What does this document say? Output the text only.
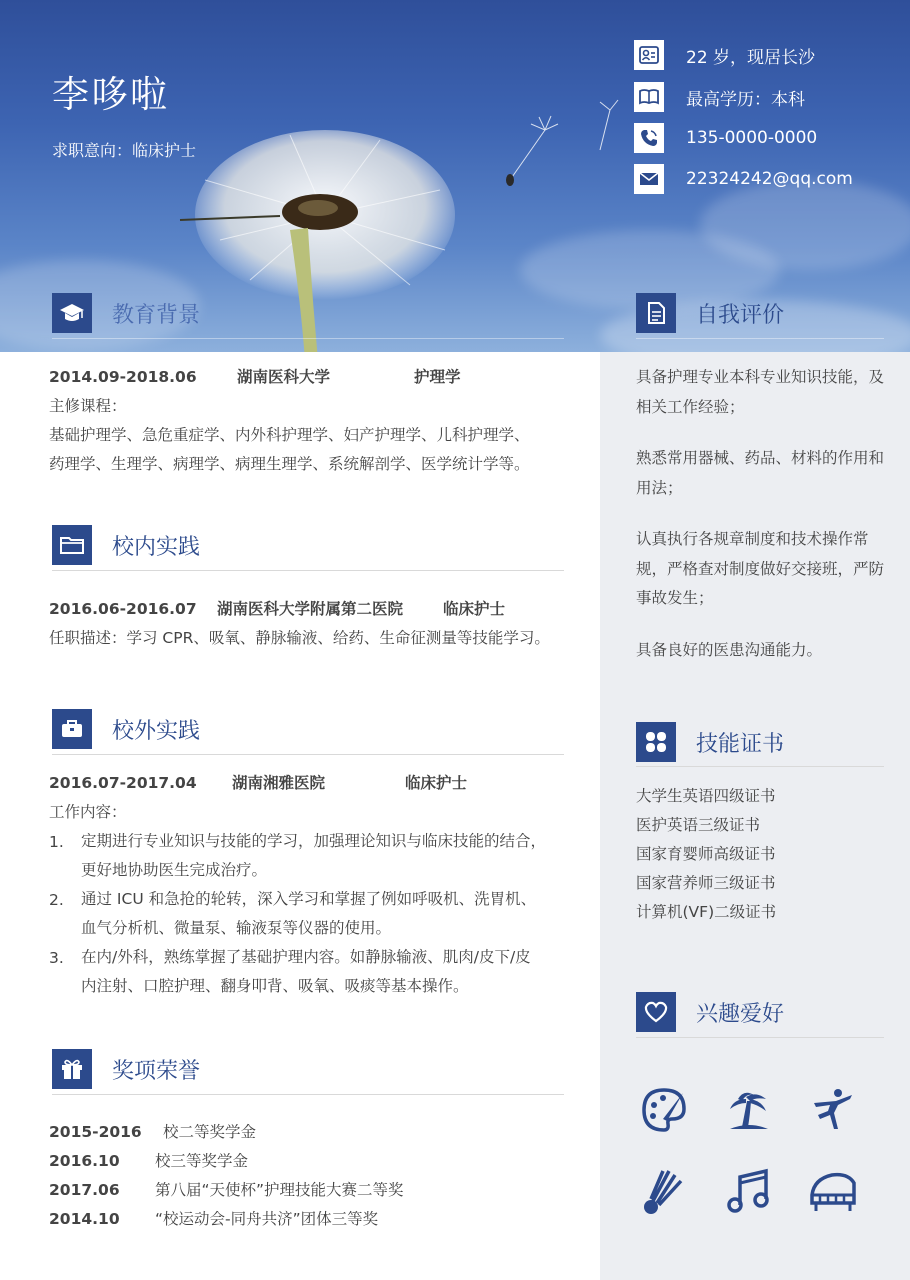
李哆啦
求职意向：临床护士
22 岁，现居长沙
最高学历：本科
135-0000-0000
22324242@qq.com
教育背景
2014.09-2018.06	湖南医科大学	护理学
主修课程：
基础护理学、急危重症学、内外科护理学、妇产护理学、儿科护理学、
药理学、生理学、病理学、病理生理学、系统解剖学、医学统计学等。
校内实践
2016.06-2016.07 湖南医科大学附属第二医院	临床护士
任职描述：学习 CPR、吸氧、静脉输液、给药、生命征测量等技能学习。
校外实践
2016.07-2017.04 湖南湘雅医院	临床护士
工作内容：
1. 定期进行专业知识与技能的学习，加强理论知识与临床技能的结合，
更好地协助医生完成治疗。
2. 通过 ICU 和急抢的轮转，深入学习和掌握了例如呼吸机、洗胃机、
血气分析机、微量泵、输液泵等仪器的使用。
3. 在内/外科，熟练掌握了基础护理内容。如静脉输液、肌肉/皮下/皮
内注射、口腔护理、翻身叩背、吸氧、吸痰等基本操作。
奖项荣誉
2015-2016 校二等奖学金
2016.10 校三等奖学金
2017.06 第八届“天使杯”护理技能大赛二等奖
2014.10 “校运动会-同舟共济”团体三等奖
自我评价
具备护理专业本科专业知识技能，及相关工作经验；
熟悉常用器械、药品、材料的作用和用法；
认真执行各规章制度和技术操作常规，严格查对制度做好交接班，严防事故发生；
具备良好的医患沟通能力。
技能证书
大学生英语四级证书
医护英语三级证书
国家育婴师高级证书
国家营养师三级证书
计算机(VF)二级证书
兴趣爱好
